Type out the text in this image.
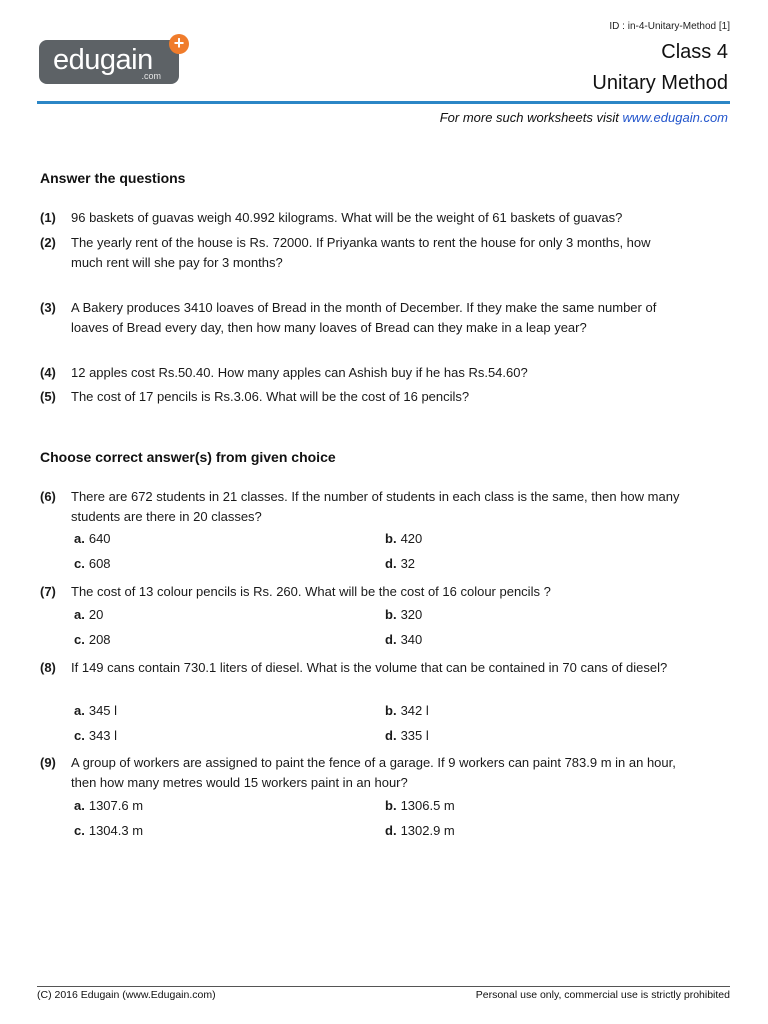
ID : in-4-Unitary-Method [1]
edugain
.com
+	Class 4
Unitary Method
For more such worksheets visit www.edugain.com
Answer the questions
(1) 96 baskets of guavas weigh 40.992 kilograms. What will be the weight of 61 baskets of guavas?
(2) The yearly rent of the house is Rs. 72000. If Priyanka wants to rent the house for only 3 months, how much rent will she pay for 3 months?
(3) A Bakery produces 3410 loaves of Bread in the month of December. If they make the same number of loaves of Bread every day, then how many loaves of Bread can they make in a leap year?
(4) 12 apples cost Rs.50.40. How many apples can Ashish buy if he has Rs.54.60?
(5) The cost of 17 pencils is Rs.3.06. What will be the cost of 16 pencils?
Choose correct answer(s) from given choice
(6) There are 672 students in 21 classes. If the number of students in each class is the same, then how many students are there in 20 classes?
a. 640	b. 420
c. 608	d. 32
(7) The cost of 13 colour pencils is Rs. 260. What will be the cost of 16 colour pencils ?
a. 20	b. 320
c. 208	d. 340
(8) If 149 cans contain 730.1 liters of diesel. What is the volume that can be contained in 70 cans of diesel?
a. 345 l	b. 342 l
c. 343 l	d. 335 l
(9) A group of workers are assigned to paint the fence of a garage. If 9 workers can paint 783.9 m in an hour, then how many metres would 15 workers paint in an hour?
a. 1307.6 m	b. 1306.5 m
c. 1304.3 m	d. 1302.9 m
(C) 2016 Edugain (www.Edugain.com)	Personal use only, commercial use is strictly prohibited
